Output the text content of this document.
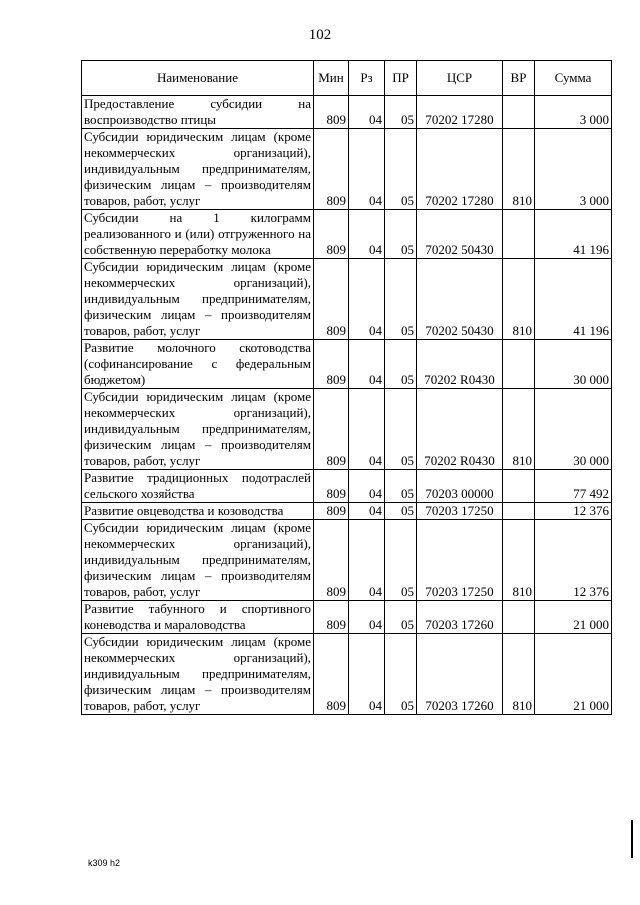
102
Наименование	Мин	Рз	ПР	ЦСР	ВР	Сумма
Предоставление субсидии на воспроизводство птицы	809	04	05	70202 17280		3 000
Субсидии юридическим лицам (кроме некоммерческих организаций), индивидуальным предпринимателям, физическим лицам – производителям товаров, работ, услуг	809	04	05	70202 17280	810	3 000
Субсидии на 1 килограмм реализованного и (или) отгруженного на собственную переработку молока	809	04	05	70202 50430		41 196
Субсидии юридическим лицам (кроме некоммерческих организаций), индивидуальным предпринимателям, физическим лицам – производителям товаров, работ, услуг	809	04	05	70202 50430	810	41 196
Развитие молочного скотоводства (софинансирование с федеральным бюджетом)	809	04	05	70202 R0430		30 000
Субсидии юридическим лицам (кроме некоммерческих организаций), индивидуальным предпринимателям, физическим лицам – производителям товаров, работ, услуг	809	04	05	70202 R0430	810	30 000
Развитие традиционных подотраслей сельского хозяйства	809	04	05	70203 00000		77 492
Развитие овцеводства и козоводства	809	04	05	70203 17250		12 376
Субсидии юридическим лицам (кроме некоммерческих организаций), индивидуальным предпринимателям, физическим лицам – производителям товаров, работ, услуг	809	04	05	70203 17250	810	12 376
Развитие табунного и спортивного коневодства и мараловодства	809	04	05	70203 17260		21 000
Субсидии юридическим лицам (кроме некоммерческих организаций), индивидуальным предпринимателям, физическим лицам – производителям товаров, работ, услуг	809	04	05	70203 17260	810	21 000
k309 h2
